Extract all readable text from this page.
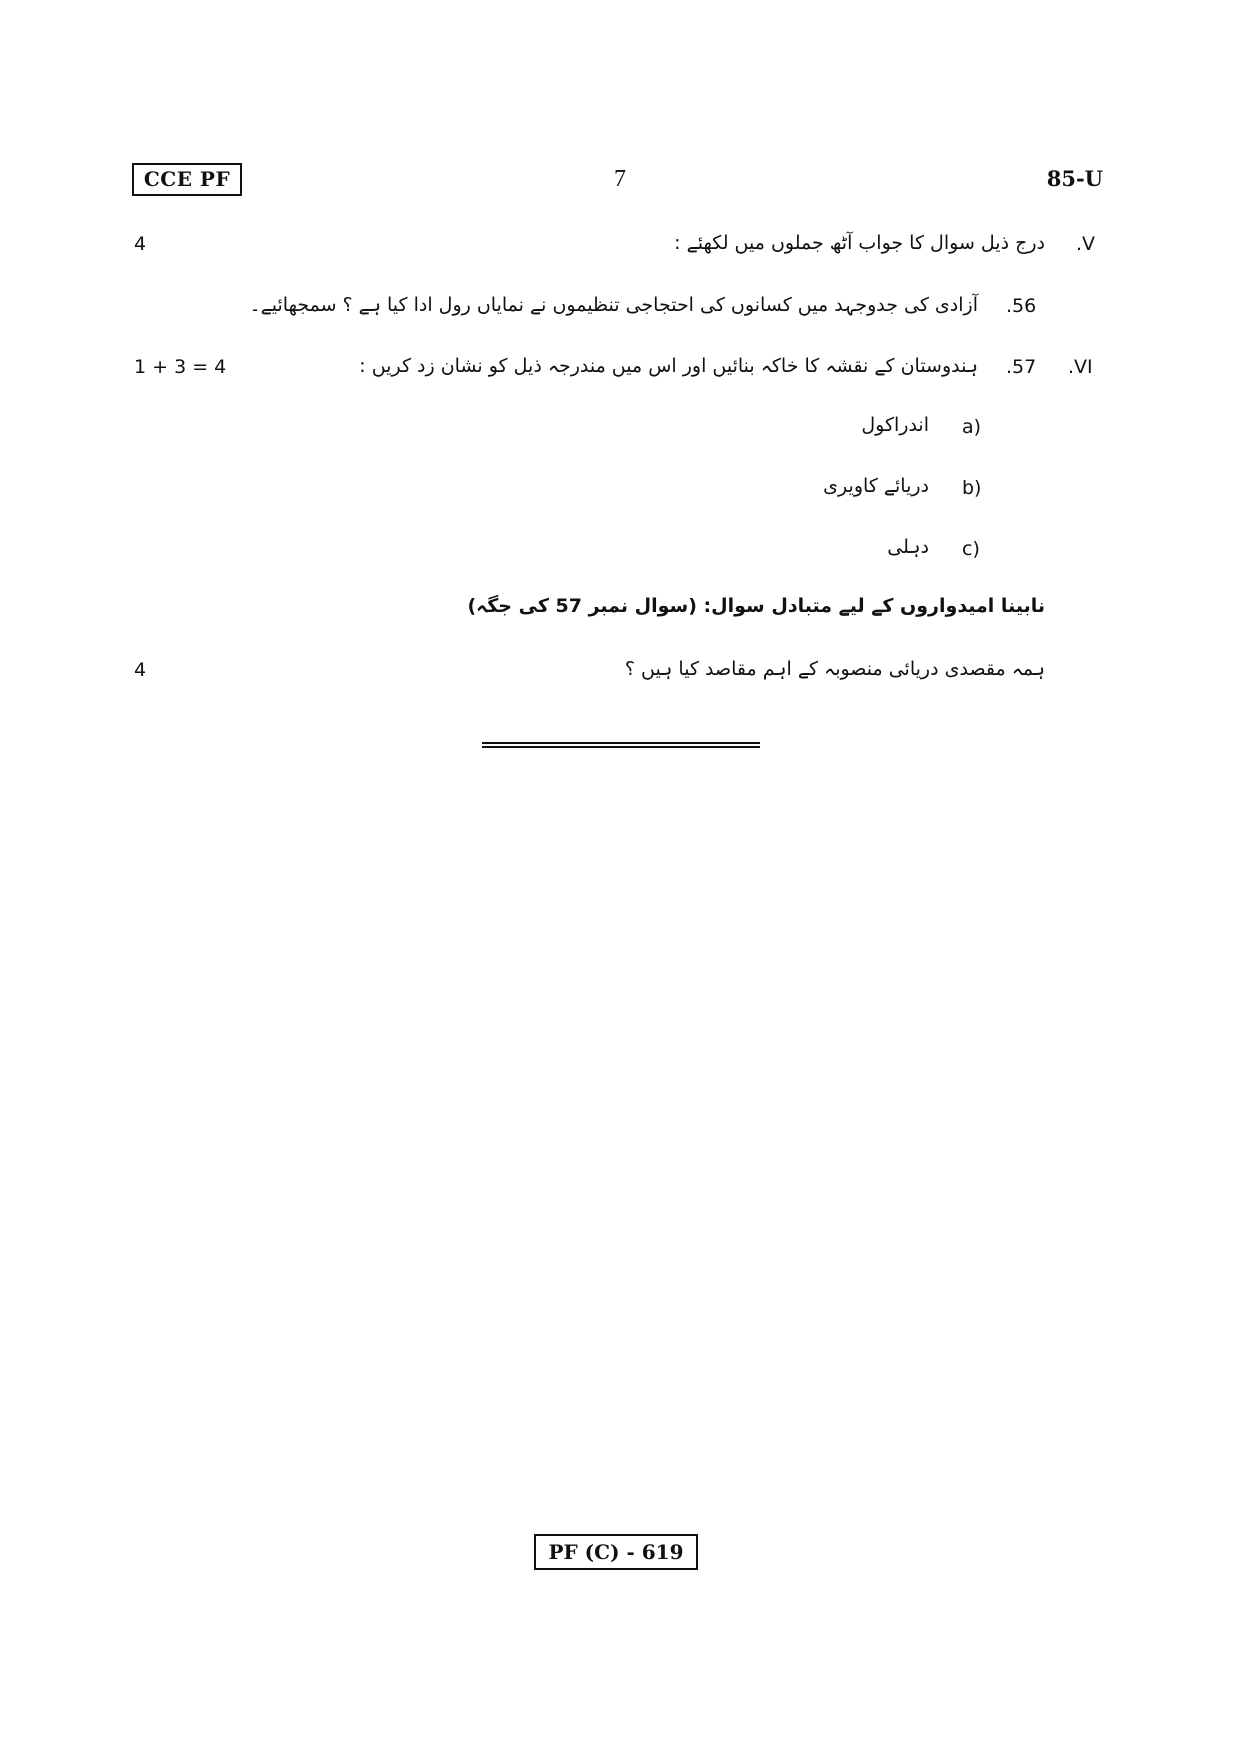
CCE PF	7	85-U
.V
درج ذیل سوال کا جواب آٹھ جملوں میں لکھئے :
4
.56
آزادی کی جدوجہد میں کسانوں کی احتجاجی تنظیموں نے نمایاں رول ادا کیا ہے ؟ سمجھائیے۔
.VI
.57
ہندوستان کے نقشہ کا خاکہ بنائیں اور اس میں مندرجہ ذیل کو نشان زد کریں :
1 + 3 = 4
a)
اندراکول
b)
دریائے کاویری
c)
دہلی
نابینا امیدواروں کے لیے متبادل سوال: (سوال نمبر 57 کی جگہ)
ہمہ مقصدی دریائی منصوبہ کے اہم مقاصد کیا ہیں ؟
4
PF (C) - 619
